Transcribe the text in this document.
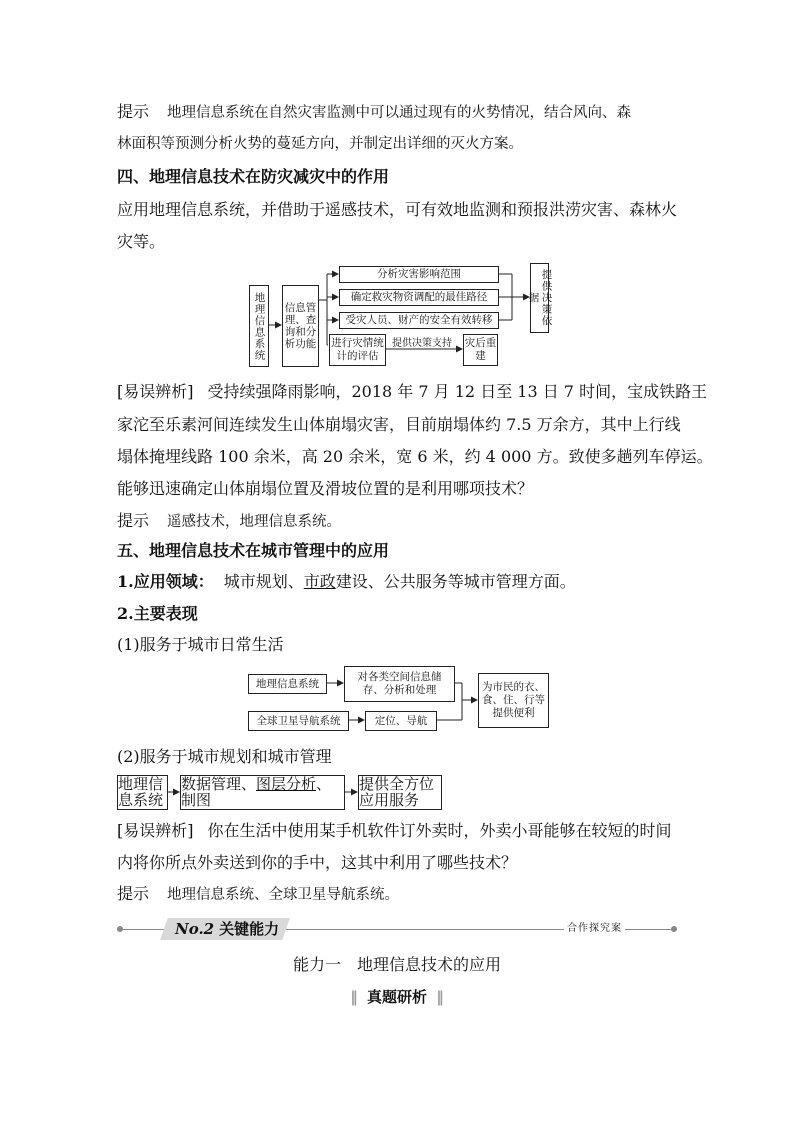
提示 地理信息系统在自然灾害监测中可以通过现有的火势情况，结合风向、森
林面积等预测分析火势的蔓延方向，并制定出详细的灭火方案。
四、地理信息技术在防灾减灾中的作用
应用地理信息系统，并借助于遥感技术，可有效地监测和预报洪涝灾害、森林火
灾等。
地理信息系统	信息管理、查询和分析功能
分析灾害影响范围
确定救灾物资调配的最佳路径
受灾人员、财产的安全有效转移	提供决策依据
进行灾情统计的评估
提供决策支持 灾后重建
[易误辨析] 受持续强降雨影响，2018 年 7 月 12 日至 13 日 7 时间，宝成铁路王
家沱至乐素河间连续发生山体崩塌灾害，目前崩塌体约 7.5 万余方，其中上行线
塌体掩埋线路 100 余米，高 20 余米，宽 6 米，约 4 000 方。致使多趟列车停运。
能够迅速确定山体崩塌位置及滑坡位置的是利用哪项技术？
提示 遥感技术，地理信息系统。
五、地理信息技术在城市管理中的应用
1.应用领域： 城市规划、市政建设、公共服务等城市管理方面。
2.主要表现
(1)服务于城市日常生活
地理信息系统
对各类空间信息储存、分析和处理
全球卫星导航系统	定位、导航
为市民的衣、食、住、行等提供便利
(2)服务于城市规划和城市管理
地理信息系统
数据管理、图层分析、
制图
提供全方位应用服务
[易误辨析] 你在生活中使用某手机软件订外卖时，外卖小哥能够在较短的时间
内将你所点外卖送到你的手中，这其中利用了哪些技术？
提示 地理信息系统、全球卫星导航系统。
No.2 关键能力	合作探究案
能力一　地理信息技术的应用
‖ 真题研析 ‖
